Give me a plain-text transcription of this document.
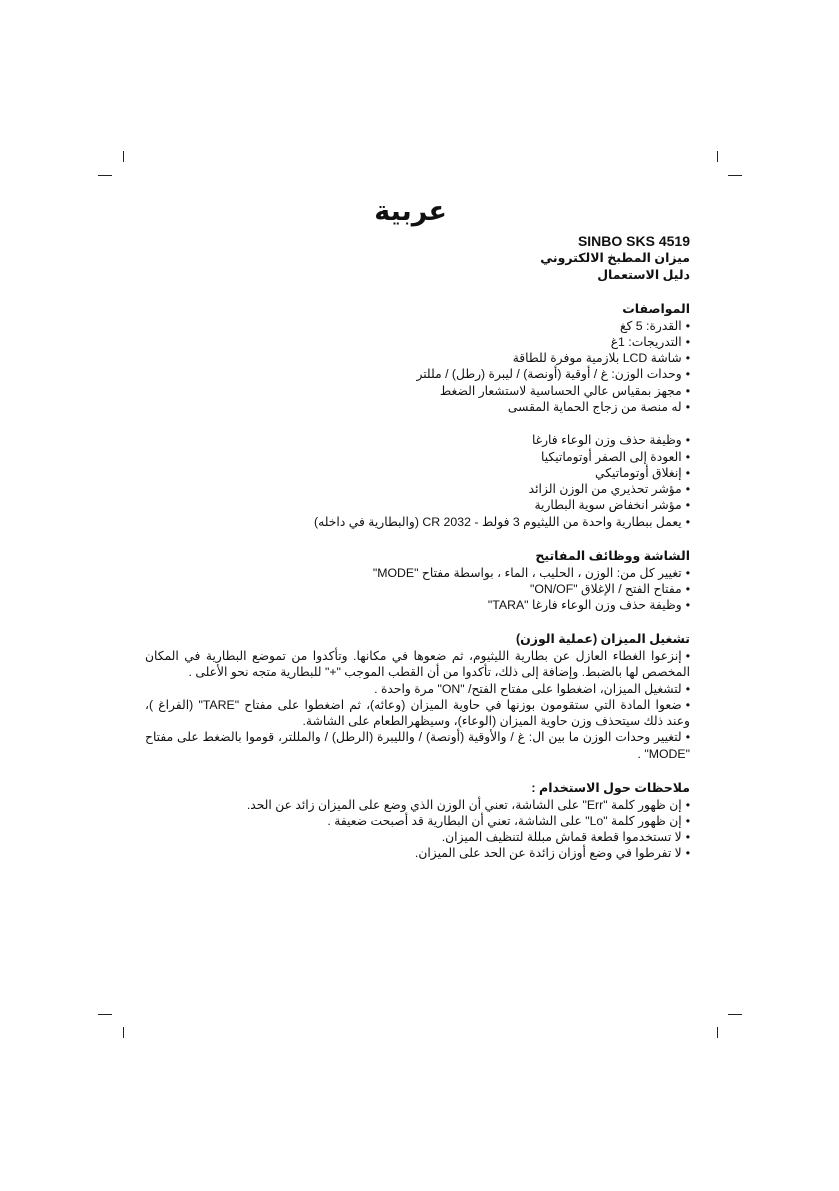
عربية
SINBO SKS 4519
ميزان المطبخ الالكتروني
دليل الاستعمال
المواصفات
•القدرة: 5 كغ
•التدريجات: 1غ
•شاشة LCD بلازمية موفرة للطاقة
•وحدات الوزن: غ / أوقية (أونصة) / ليبرة (رطل) / مللتر
•مجهز بمقياس عالي الحساسية لاستشعار الضغط
•له منصة من زجاج الحماية المقسى
•وظيفة حذف وزن الوعاء فارغا
•العودة إلى الصفر أوتوماتيكيا
•إنغلاق أوتوماتيكي
•مؤشر تحذيري من الوزن الزائد
•مؤشر انخفاض سوية البطارية
•يعمل ببطارية واحدة من الليثيوم 3 فولط - CR 2032 (والبطارية في داخله)
الشاشة ووظائف المفاتيح
•تغيير كل من: الوزن ، الحليب ، الماء ، بواسطة مفتاح "MODE"
•مفتاح الفتح / الإغلاق "ON/OF"
•وظيفة حذف وزن الوعاء فارغا "TARA"
تشغيل الميزان (عملية الوزن)
•إنزعوا الغطاء العازل عن بطارية الليثيوم، ثم ضعوها في مكانها. وتأكدوا من تموضع البطارية في المكان المخصص لها بالضبط. وإضافة إلى ذلك، تأكدوا من أن القطب الموجب "+" للبطارية متجه نحو الأعلى .
•لتشغيل الميزان، اضغطوا على مفتاح الفتح/ "ON" مرة واحدة .
•ضعوا المادة التي ستقومون بوزنها في حاوية الميزان (وعائه)، ثم اضغطوا على مفتاح "TARE" (الفراغ )، وعند ذلك سيتحذف وزن حاوية الميزان (الوعاء)، وسيظهرالطعام على الشاشة.
•لتغيير وحدات الوزن ما بين ال: غ / والأوقية (أونصة) / والليبرة (الرطل) / والمللتر، قوموا بالضغط على مفتاح "MODE" .
ملاحظات حول الاستخدام :
•إن ظهور كلمة "Err" على الشاشة، تعني أن الوزن الذي وضع على الميزان زائد عن الحد.
•إن ظهور كلمة "Lo" على الشاشة، تعني أن البطارية قد أصبحت ضعيفة .
•لا تستخدموا قطعة قماش مبللة لتنظيف الميزان.
•لا تفرطوا في وضع أوزان زائدة عن الحد على الميزان.
